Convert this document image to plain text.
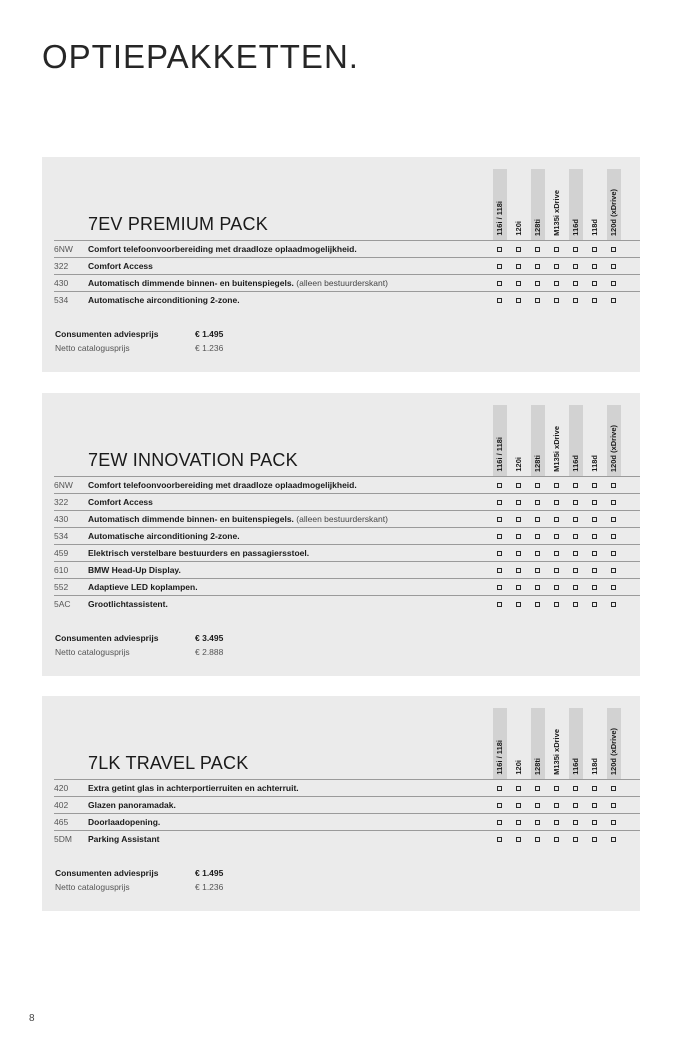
OPTIEPAKKETTEN.
116i / 118i	120i	128ti	M135i xDrive	116d	118d	120d (xDrive)
7EV PREMIUM PACK
6NW Comfort telefoonvoorbereiding met draadloze oplaadmogelijkheid.
322 Comfort Access
430 Automatisch dimmende binnen- en buitenspiegels. (alleen bestuurderskant)
534 Automatische airconditioning 2-zone.
Consumenten adviesprijs	€ 1.495
Netto catalogusprijs	€ 1.236
116i / 118i	120i	128ti	M135i xDrive	116d	118d	120d (xDrive)
7EW INNOVATION PACK
6NW Comfort telefoonvoorbereiding met draadloze oplaadmogelijkheid.
322 Comfort Access
430 Automatisch dimmende binnen- en buitenspiegels. (alleen bestuurderskant)
534 Automatische airconditioning 2-zone.
459 Elektrisch verstelbare bestuurders en passagiersstoel.
610 BMW Head-Up Display.
552 Adaptieve LED koplampen.
5AC Grootlichtassistent.
Consumenten adviesprijs	€ 3.495
Netto catalogusprijs	€ 2.888
116i / 118i	120i	128ti	M135i xDrive	116d	118d	120d (xDrive)
7LK TRAVEL PACK
420 Extra getint glas in achterportierruiten en achterruit.
402 Glazen panoramadak.
465 Doorlaadopening.
5DM Parking Assistant
Consumenten adviesprijs	€ 1.495
Netto catalogusprijs	€ 1.236
8
